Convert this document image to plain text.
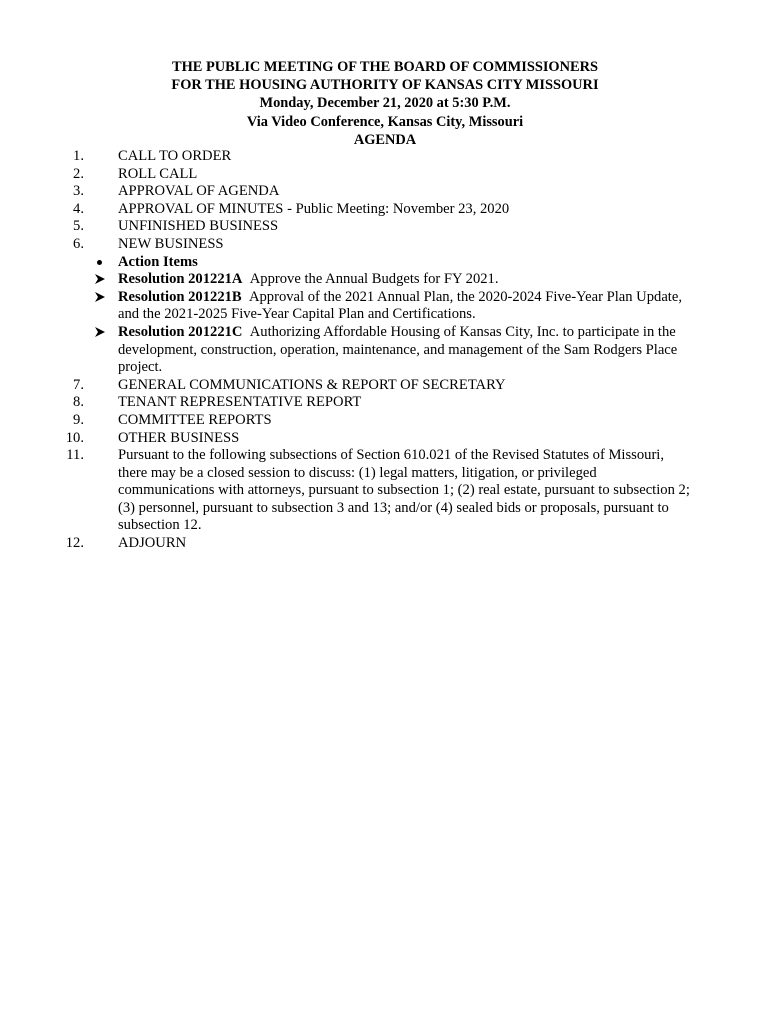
THE PUBLIC MEETING OF THE BOARD OF COMMISSIONERS
FOR THE HOUSING AUTHORITY OF KANSAS CITY MISSOURI
Monday, December 21, 2020 at 5:30 P.M.
Via Video Conference, Kansas City, Missouri
AGENDA
1. CALL TO ORDER
2. ROLL CALL
3. APPROVAL OF AGENDA
4. APPROVAL OF MINUTES - Public Meeting: November 23, 2020
5. UNFINISHED BUSINESS
6. NEW BUSINESS
Action Items
Resolution 201221A Approve the Annual Budgets for FY 2021.
Resolution 201221B Approval of the 2021 Annual Plan, the 2020-2024 Five-Year Plan Update, and the 2021-2025 Five-Year Capital Plan and Certifications.
Resolution 201221C Authorizing Affordable Housing of Kansas City, Inc. to participate in the development, construction, operation, maintenance, and management of the Sam Rodgers Place project.
7. GENERAL COMMUNICATIONS & REPORT OF SECRETARY
8. TENANT REPRESENTATIVE REPORT
9. COMMITTEE REPORTS
10. OTHER BUSINESS
11. Pursuant to the following subsections of Section 610.021 of the Revised Statutes of Missouri, there may be a closed session to discuss: (1) legal matters, litigation, or privileged communications with attorneys, pursuant to subsection 1; (2) real estate, pursuant to subsection 2; (3) personnel, pursuant to subsection 3 and 13; and/or (4) sealed bids or proposals, pursuant to subsection 12.
12. ADJOURN
